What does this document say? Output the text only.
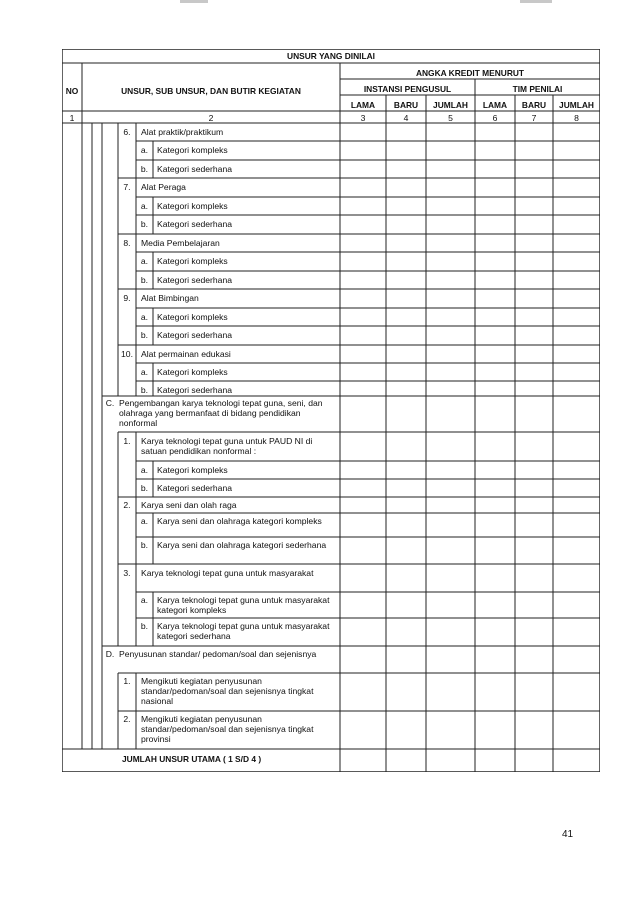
UNSUR YANG DINILAI
NO	UNSUR, SUB UNSUR, DAN BUTIR KEGIATAN
ANGKA KREDIT MENURUT
INSTANSI PENGUSUL	TIM PENILAI
LAMA	BARU	JUMLAH	LAMA	BARU	JUMLAH
1	2	3	4	5	6	7	8
6.	Alat praktik/praktikum
a.	Kategori kompleks
b.	Kategori sederhana
7.	Alat Peraga
a.	Kategori kompleks
b.	Kategori sederhana
8.	Media Pembelajaran
a.	Kategori kompleks
b.	Kategori sederhana
9.	Alat Bimbingan
a.	Kategori kompleks
b.	Kategori sederhana
10. Alat permainan edukasi
a.	Kategori kompleks
b.	Kategori sederhana
C. Pengembangan karya teknologi tepat guna, seni, dan olahraga yang bermanfaat di bidang pendidikan nonformal
1.	Karya teknologi tepat guna untuk PAUD NI di satuan pendidikan nonformal :
a.	Kategori kompleks
b.	Kategori sederhana
2.	Karya seni dan olah raga
a.	Karya seni dan olahraga kategori kompleks
b.	Karya seni dan olahraga kategori sederhana
3.	Karya teknologi tepat guna untuk masyarakat
a.	Karya teknologi tepat guna untuk masyarakat kategori kompleks
b.	Karya teknologi tepat guna untuk masyarakat kategori sederhana
D. Penyusunan standar/ pedoman/soal dan sejenisnya
1.	Mengikuti kegiatan penyusunan standar/pedoman/soal dan sejenisnya tingkat nasional
2.	Mengikuti kegiatan penyusunan standar/pedoman/soal dan sejenisnya tingkat provinsi
JUMLAH UNSUR UTAMA ( 1 S/D 4 )
41
